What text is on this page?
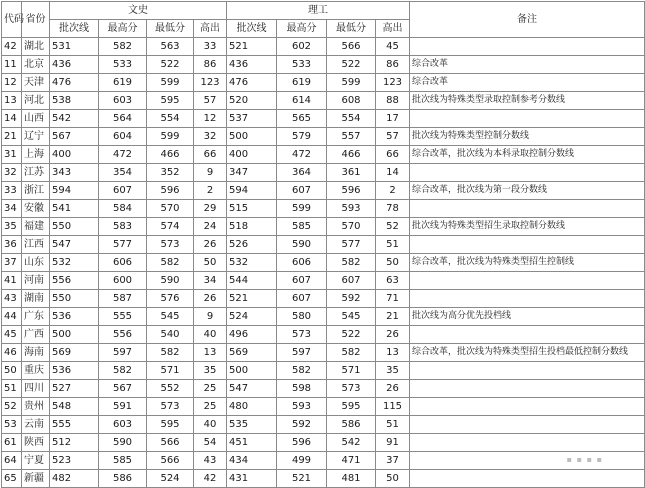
代码	省份	文史				理工				备注
		批次线	最高分	最低分	高出	批次线	最高分	最低分	高出	
42	湖北	531	582	563	33	521	602	566	45	
11	北京	436	533	522	86	436	533	522	86	综合改革
12	天津	476	619	599	123	476	619	599	123	综合改革
13	河北	538	603	595	57	520	614	608	88	批次线为特殊类型录取控制参考分数线
14	山西	542	564	554	12	537	565	554	17	
21	辽宁	567	604	599	32	500	579	557	57	批次线为特殊类型控制分数线
31	上海	400	472	466	66	400	472	466	66	综合改革，批次线为本科录取控制分数线
32	江苏	343	354	352	9	347	364	361	14	
33	浙江	594	607	596	2	594	607	596	2	综合改革，批次线为第一段分数线
34	安徽	541	584	570	29	515	599	593	78	
35	福建	550	583	574	24	518	585	570	52	批次线为特殊类型招生录取控制分数线
36	江西	547	577	573	26	526	590	577	51	
37	山东	532	606	582	50	532	606	582	50	综合改革，批次线为特殊类型招生控制线
41	河南	556	600	590	34	544	607	607	63	
43	湖南	550	587	576	26	521	607	592	71	
44	广东	536	555	545	9	524	580	545	21	批次线为高分优先投档线
45	广西	500	556	540	40	496	573	522	26	
46	海南	569	597	582	13	569	597	582	13	综合改革，批次线为特殊类型招生投档最低控制分数线
50	重庆	536	582	571	35	500	582	571	35	
51	四川	527	567	552	25	547	598	573	26	
52	贵州	548	591	573	25	480	593	595	115	
53	云南	555	603	595	40	535	592	586	51	
61	陕西	512	590	566	54	451	596	542	91	
64	宁夏	523	585	566	43	434	499	471	37	
65	新疆	482	586	524	42	431	521	481	50	
▪ ▪ ▪ ▪
